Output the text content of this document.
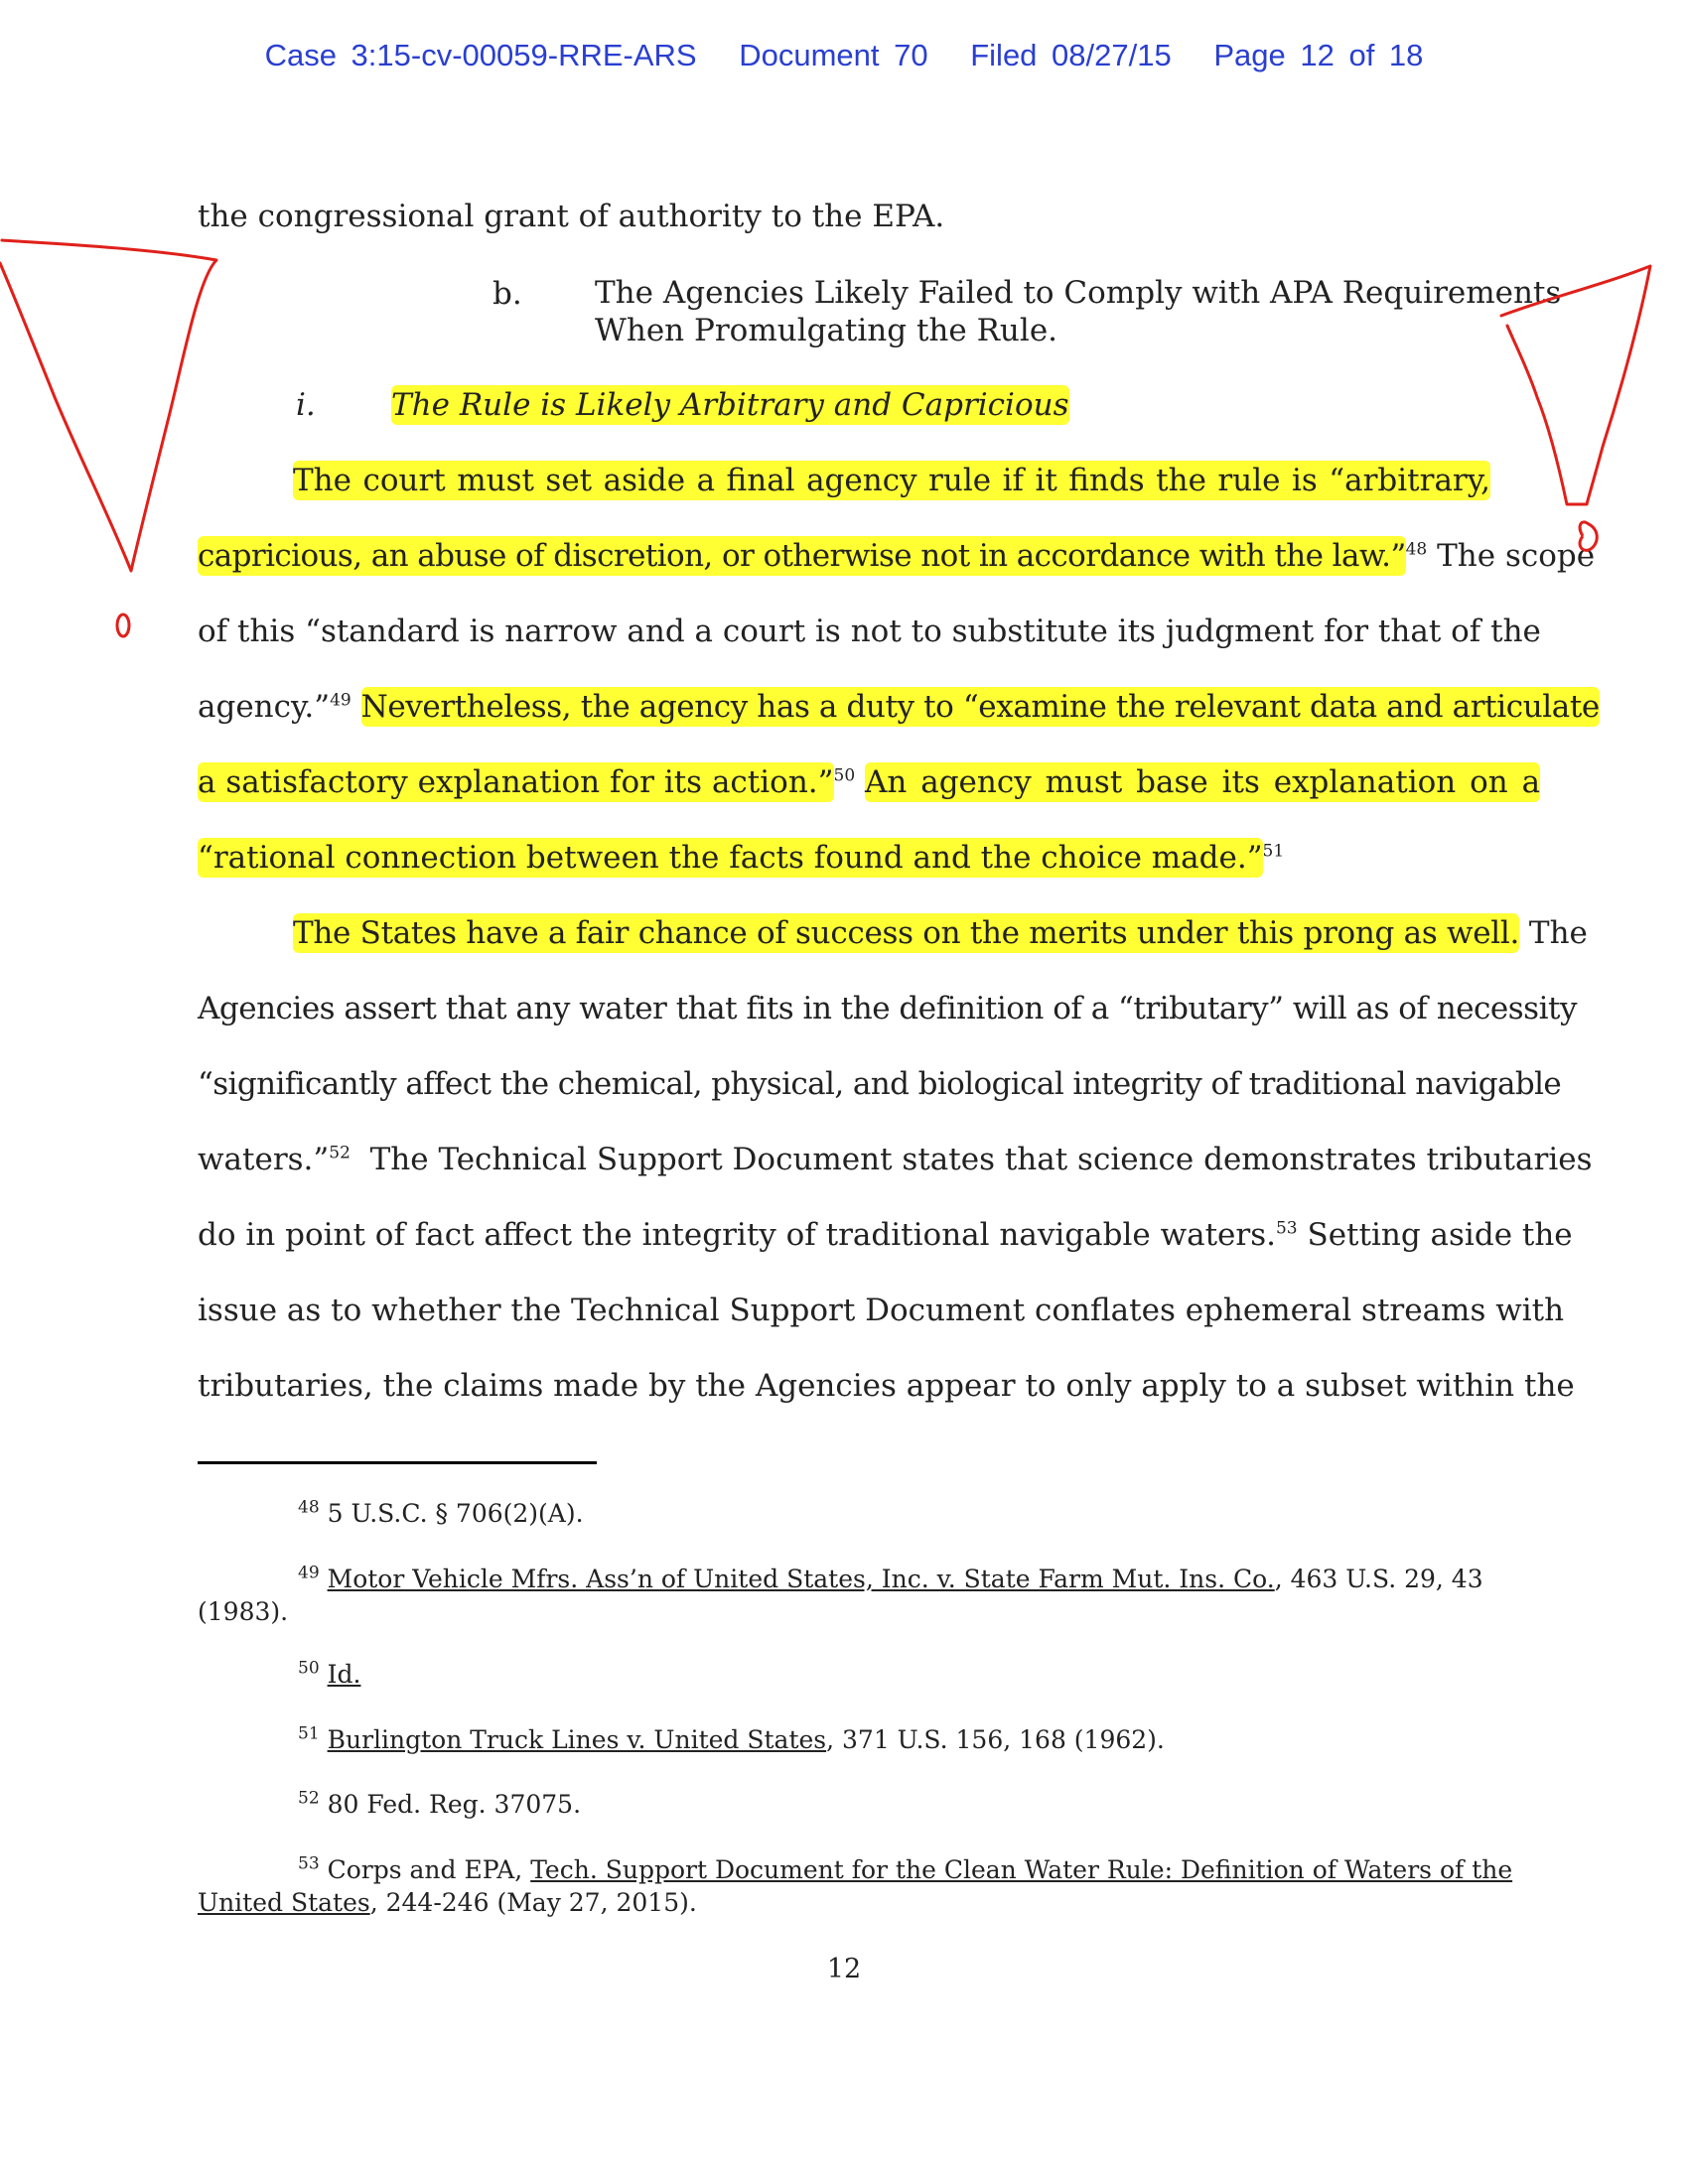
Case 3:15-cv-00059-RRE-ARS Document 70 Filed 08/27/15 Page 12 of 18
the congressional grant of authority to the EPA.
b.	The Agencies Likely Failed to Comply with APA Requirements
When Promulgating the Rule.
i.	The Rule is Likely Arbitrary and Capricious
The court must set aside a final agency rule if it finds the rule is “arbitrary,
capricious, an abuse of discretion, or otherwise not in accordance with the law.”$^{48}$ The scope
of this “standard is narrow and a court is not to substitute its judgment for that of the
agency.”$^{49}$ Nevertheless, the agency has a duty to “examine the relevant data and articulate
a satisfactory explanation for its action.”$^{50}$ An agency must base its explanation on a
“rational connection between the facts found and the choice made.”$^{51}$
The States have a fair chance of success on the merits under this prong as well. The
Agencies assert that any water that fits in the definition of a “tributary” will as of necessity
“significantly affect the chemical, physical, and biological integrity of traditional navigable
waters.”$^{52}$  The Technical Support Document states that science demonstrates tributaries
do in point of fact affect the integrity of traditional navigable waters.$^{53}$ Setting aside the
issue as to whether the Technical Support Document conflates ephemeral streams with
tributaries, the claims made by the Agencies appear to only apply to a subset within the
$^{48}$ 5 U.S.C. § 706(2)(A).
$^{49}$ Motor Vehicle Mfrs. Ass’n of United States, Inc. v. State Farm Mut. Ins. Co., 463 U.S. 29, 43
(1983).
$^{50}$ Id.
$^{51}$ Burlington Truck Lines v. United States, 371 U.S. 156, 168 (1962).
$^{52}$ 80 Fed. Reg. 37075.
$^{53}$ Corps and EPA, Tech. Support Document for the Clean Water Rule: Definition of Waters of the
United States, 244-246 (May 27, 2015).
12
